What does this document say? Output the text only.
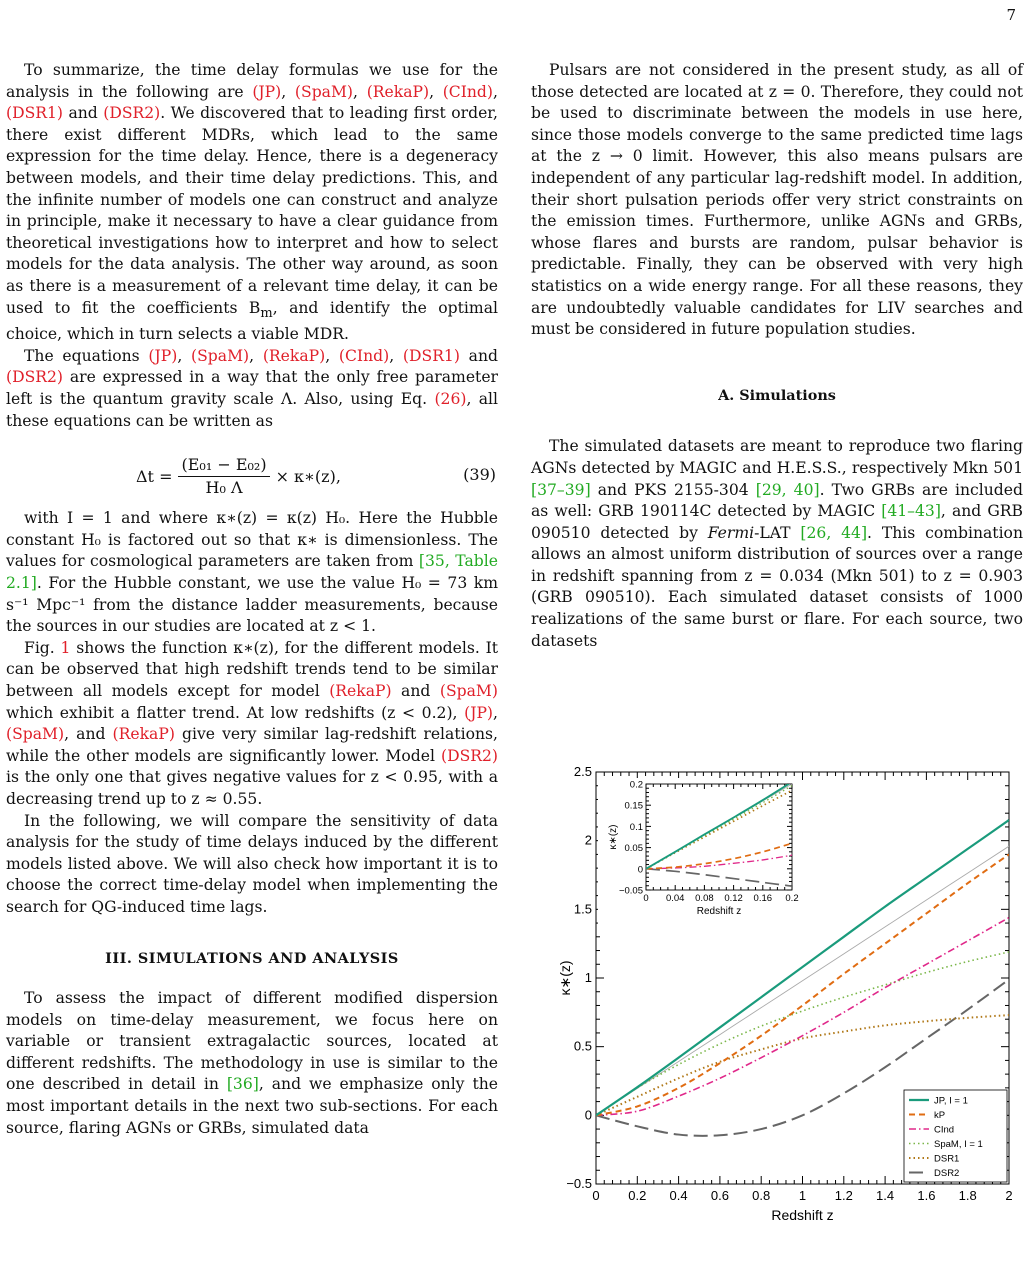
7

To summarize, the time delay formulas we use for the analysis in the following are (JP), (SpaM), (RekaP), (CInd), (DSR1) and (DSR2). We discovered that to leading first order, there exist different MDRs, which lead to the same expression for the time delay. Hence, there is a degeneracy between models, and their time delay predictions. This, and the infinite number of models one can construct and analyze in principle, make it necessary to have a clear guidance from theoretical investigations how to interpret and how to select models for the data analysis. The other way around, as soon as there is a measurement of a relevant time delay, it can be used to fit the coefficients $B_m$, and identify the optimal choice, which in turn selects a viable MDR.

The equations (JP), (SpaM), (RekaP), (CInd), (DSR1) and (DSR2) are expressed in a way that the only free parameter left is the quantum gravity scale Λ. Also, using Eq. (26), all these equations can be written as

$\Delta t = \frac{\text{(E₀₁ − E₀₂)}}{\text{H₀ Λ}}$ × κ∗(z),	(39)

with I = 1 and where κ∗(z) = κ(z) H₀. Here the Hubble constant H₀ is factored out so that κ∗ is dimensionless. The values for cosmological parameters are taken from [35, Table 2.1]. For the Hubble constant, we use the value H₀ = 73 km s⁻¹ Mpc⁻¹ from the distance ladder measurements, because the sources in our studies are located at z < 1.

Fig. 1 shows the function κ∗(z), for the different models. It can be observed that high redshift trends tend to be similar between all models except for model (RekaP) and (SpaM) which exhibit a flatter trend. At low redshifts (z < 0.2), (JP), (SpaM), and (RekaP) give very similar lag-redshift relations, while the other models are significantly lower. Model (DSR2) is the only one that gives negative values for z < 0.95, with a decreasing trend up to z ≈ 0.55.

In the following, we will compare the sensitivity of data analysis for the study of time delays induced by the different models listed above. We will also check how important it is to choose the correct time-delay model when implementing the search for QG-induced time lags.

III. SIMULATIONS AND ANALYSIS

To assess the impact of different modified dispersion models on time-delay measurement, we focus here on variable or transient extragalactic sources, located at different redshifts. The methodology in use is similar to the one described in detail in [36], and we emphasize only the most important details in the next two sub-sections. For each source, flaring AGNs or GRBs, simulated data

Pulsars are not considered in the present study, as all of those detected are located at z = 0. Therefore, they could not be used to discriminate between the models in use here, since those models converge to the same predicted time lags at the z → 0 limit. However, this also means pulsars are independent of any particular lag-redshift model. In addition, their short pulsation periods offer very strict constraints on the emission times. Furthermore, unlike AGNs and GRBs, whose flares and bursts are random, pulsar behavior is predictable. Finally, they can be observed with very high statistics on a wide energy range. For all these reasons, they are undoubtedly valuable candidates for LIV searches and must be considered in future population studies.

A. Simulations

The simulated datasets are meant to reproduce two flaring AGNs detected by MAGIC and H.E.S.S., respectively Mkn 501 [37–39] and PKS 2155-304 [29, 40]. Two GRBs are included as well: GRB 190114C detected by MAGIC [41–43], and GRB 090510 detected by Fermi-LAT [26, 44]. This combination allows an almost uniform distribution of sources over a range in redshift spanning from z = 0.034 (Mkn 501) to z = 0.903 (GRB 090510). Each simulated dataset consists of 1000 realizations of the same burst or flare. For each source, two datasets

0 0.2 0.4 0.6 0.8 1 1.2 1.4 1.6 1.8 2
−0.5
0
0.5
1
1.5
2
2.5
Redshift z
κ∗(z)
JP, I = 1
kP
CInd
SpaM, I = 1
DSR1
DSR2
0 0.04 0.08 0.12 0.16 0.2
−0.05
0
0.05
0.1
0.15
0.2
Redshift z
κ∗(z)
